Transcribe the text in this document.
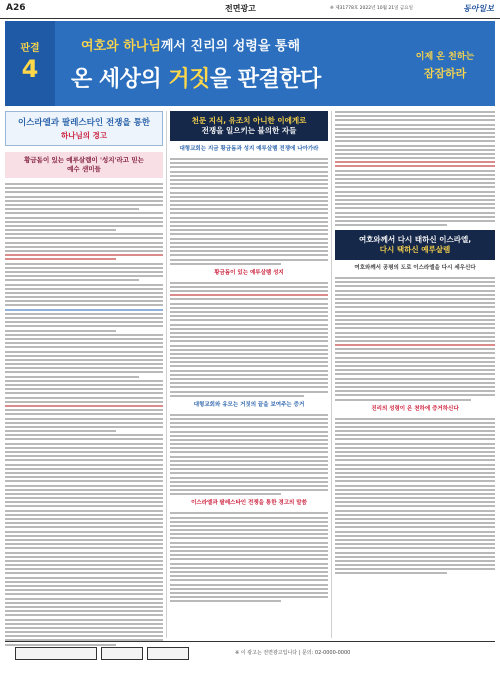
A26	전면광고	※ 제31778호 2022년 10월 21일 금요일	동아일보
판결
4
여호와 하나님께서 진리의 성령을 통해
온 세상의 거짓을 판결한다
이제 온 천하는
잠잠하라
이스라엘과 팔레스타인 전쟁을 통한
하나님의 경고
황금돔이 있는 예루살렘이 '성지'라고 믿는
예수 샌미들
천문 지식, 유조치 아니한 이에게로
전쟁을 일으키는 불의한 자들
대형교회는 지금 황금돔과 성지 예루살렘 전쟁에 나아가라
황금돔이 있는 예루살렘 성지
대형교회와 유모는 거짓의 끝을 보여주는 증거
이스라엘과 팔레스타인 전쟁을 통한 경고의 말씀
여호와께서 다시 태하신 이스라엘,
다시 택하신 예루살렘
여호와께서 공평의 도로 이스라엘을 다시 세우신다
진리의 성령이 온 천하에 증거하신다
※ 이 광고는 전면광고입니다 | 문의: 02-0000-0000
